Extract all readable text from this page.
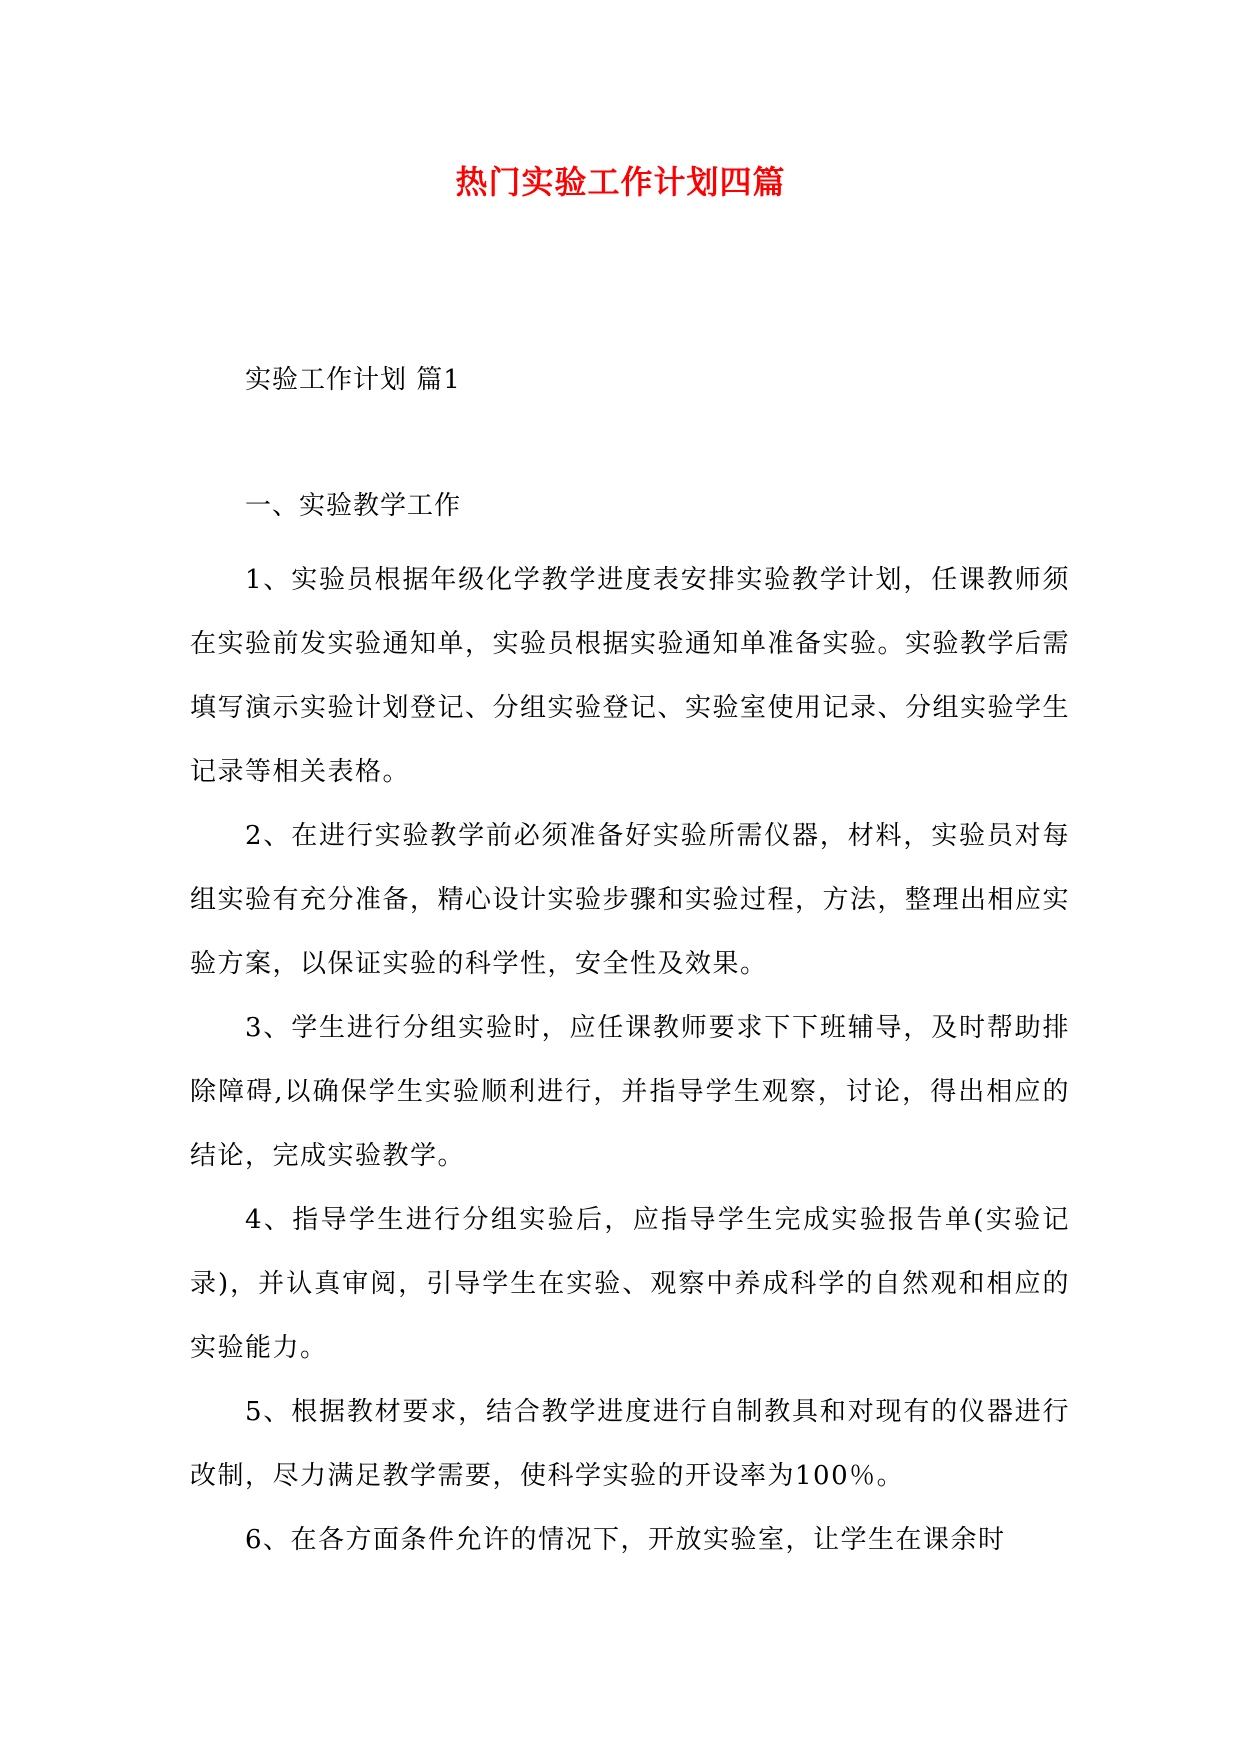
热门实验工作计划四篇
实验工作计划 篇1
一、实验教学工作

1、实验员根据年级化学教学进度表安排实验教学计划，任课教师须在实验前发实验通知单，实验员根据实验通知单准备实验。实验教学后需填写演示实验计划登记、分组实验登记、实验室使用记录、分组实验学生记录等相关表格。

2、在进行实验教学前必须准备好实验所需仪器，材料，实验员对每组实验有充分准备，精心设计实验步骤和实验过程，方法，整理出相应实验方案，以保证实验的科学性，安全性及效果。

3、学生进行分组实验时，应任课教师要求下下班辅导，及时帮助排除障碍,以确保学生实验顺利进行，并指导学生观察，讨论，得出相应的结论，完成实验教学。

4、指导学生进行分组实验后，应指导学生完成实验报告单(实验记录)，并认真审阅，引导学生在实验、观察中养成科学的自然观和相应的实验能力。

5、根据教材要求，结合教学进度进行自制教具和对现有的仪器进行改制，尽力满足教学需要，使科学实验的开设率为100％。

6、在各方面条件允许的情况下，开放实验室，让学生在课余时
